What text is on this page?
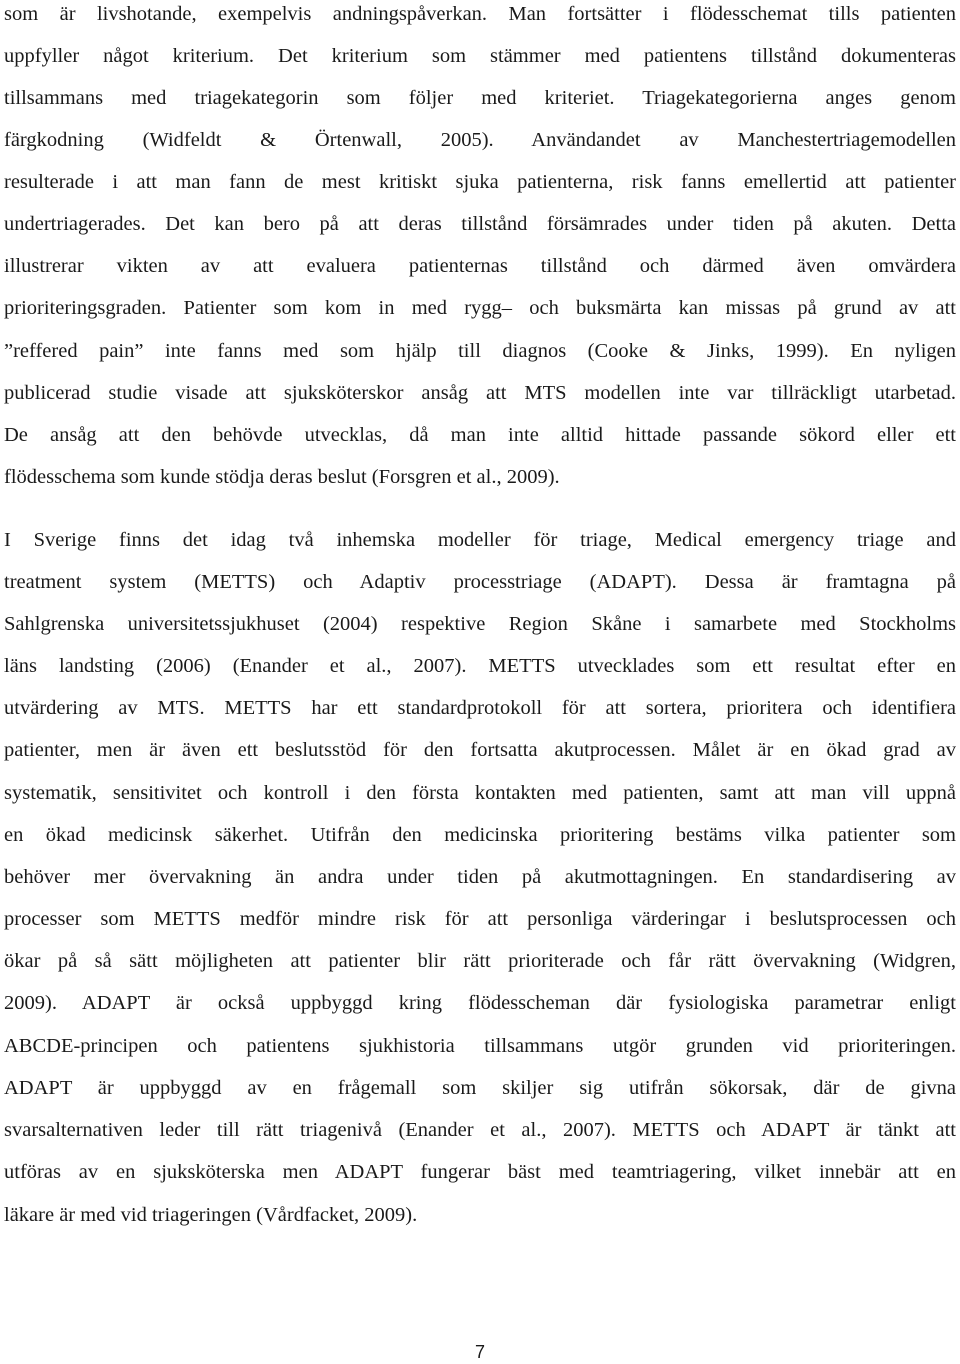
som är livshotande, exempelvis andningspåverkan. Man fortsätter i flödesschemat tills patienten
uppfyller något kriterium. Det kriterium som stämmer med patientens tillstånd dokumenteras
tillsammans med triagekategorin som följer med kriteriet. Triagekategorierna anges genom
färgkodning (Widfeldt & Örtenwall, 2005). Användandet av Manchestertriagemodellen
resulterade i att man fann de mest kritiskt sjuka patienterna, risk fanns emellertid att patienter
undertriagerades. Det kan bero på att deras tillstånd försämrades under tiden på akuten. Detta
illustrerar vikten av att evaluera patienternas tillstånd och därmed även omvärdera
prioriteringsgraden. Patienter som kom in med rygg– och buksmärta kan missas på grund av att
”reffered pain” inte fanns med som hjälp till diagnos (Cooke & Jinks, 1999). En nyligen
publicerad studie visade att sjuksköterskor ansåg att MTS modellen inte var tillräckligt utarbetad.
De ansåg att den behövde utvecklas, då man inte alltid hittade passande sökord eller ett
flödesschema som kunde stödja deras beslut (Forsgren et al., 2009).
I Sverige finns det idag två inhemska modeller för triage, Medical emergency triage and
treatment system (METTS) och Adaptiv processtriage (ADAPT). Dessa är framtagna på
Sahlgrenska universitetssjukhuset (2004) respektive Region Skåne i samarbete med Stockholms
läns landsting (2006) (Enander et al., 2007). METTS utvecklades som ett resultat efter en
utvärdering av MTS. METTS har ett standardprotokoll för att sortera, prioritera och identifiera
patienter, men är även ett beslutsstöd för den fortsatta akutprocessen. Målet är en ökad grad av
systematik, sensitivitet och kontroll i den första kontakten med patienten, samt att man vill uppnå
en ökad medicinsk säkerhet. Utifrån den medicinska prioritering bestäms vilka patienter som
behöver mer övervakning än andra under tiden på akutmottagningen. En standardisering av
processer som METTS medför mindre risk för att personliga värderingar i beslutsprocessen och
ökar på så sätt möjligheten att patienter blir rätt prioriterade och får rätt övervakning (Widgren,
2009). ADAPT är också uppbyggd kring flödesscheman där fysiologiska parametrar enligt
ABCDE-principen och patientens sjukhistoria tillsammans utgör grunden vid prioriteringen.
ADAPT är uppbyggd av en frågemall som skiljer sig utifrån sökorsak, där de givna
svarsalternativen leder till rätt triagenivå (Enander et al., 2007). METTS och ADAPT är tänkt att
utföras av en sjuksköterska men ADAPT fungerar bäst med teamtriagering, vilket innebär att en
läkare är med vid triageringen (Vårdfacket, 2009).
7
